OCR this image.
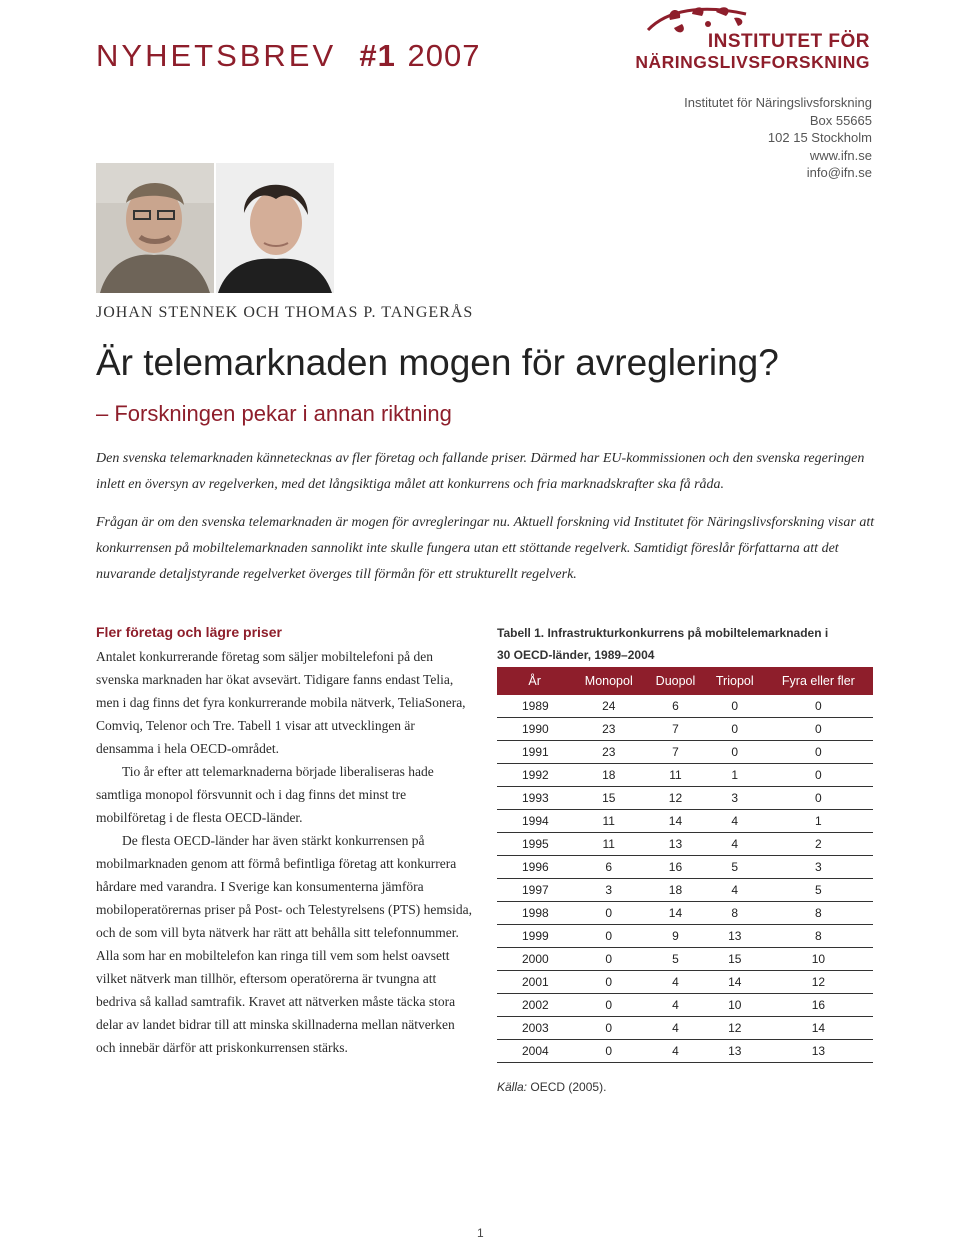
NYHETSBREV #1 2007	INSTITUTET FÖR
NÄRINGSLIVSFORSKNING
Institutet för Näringslivsforskning
Box 55665
102 15 Stockholm
www.ifn.se
info@ifn.se
JOHAN STENNEK OCH THOMAS P. TANGERÅS
Är telemarknaden mogen för avreglering?
– Forskningen pekar i annan riktning
Den svenska telemarknaden kännetecknas av fler företag och fallande priser. Därmed har EU-kommissionen och den svenska regeringen inlett en översyn av regelverken, med det långsiktiga målet att konkurrens och fria marknadskrafter ska få råda.
Frågan är om den svenska telemarknaden är mogen för avregleringar nu. Aktuell forskning vid Institutet för Näringslivsforskning visar att konkurrensen på mobiltelemarknaden sannolikt inte skulle fungera utan ett stöttande regelverk. Samtidigt föreslår författarna att det nuvarande detaljstyrande regelverket överges till förmån för ett strukturellt regelverk.
Fler företag och lägre priser

Antalet konkurrerande företag som säljer mobiltelefoni på den svenska marknaden har ökat avsevärt. Tidigare fanns endast Telia, men i dag finns det fyra konkurrerande mobila nätverk, TeliaSonera, Comviq, Telenor och Tre. Tabell 1 visar att utvecklingen är densamma i hela OECD-området.

Tio år efter att telemarknaderna började liberaliseras hade samtliga monopol försvunnit och i dag finns det minst tre mobilföretag i de flesta OECD-länder.

De flesta OECD-länder har även stärkt konkurrensen på mobilmarknaden genom att förmå befintliga företag att konkurrera hårdare med varandra. I Sverige kan konsumenterna jämföra mobiloperatörernas priser på Post- och Telestyrelsens (PTS) hemsida, och de som vill byta nätverk har rätt att behålla sitt telefonnummer. Alla som har en mobiltelefon kan ringa till vem som helst oavsett vilket nätverk man tillhör, eftersom operatörerna är tvungna att bedriva så kallad samtrafik. Kravet att nätverken måste täcka stora delar av landet bidrar till att minska skillnaderna mellan nätverken och innebär därför att priskonkurrensen stärks.

Tabell 1. Infrastrukturkonkurrens på mobiltelemarknaden i
30 OECD-länder, 1989–2004
År	Monopol	Duopol	Triopol	Fyra eller fler
1989	24	6	0	0
1990	23	7	0	0
1991	23	7	0	0
1992	18	11	1	0
1993	15	12	3	0
1994	11	14	4	1
1995	11	13	4	2
1996	6	16	5	3
1997	3	18	4	5
1998	0	14	8	8
1999	0	9	13	8
2000	0	5	15	10
2001	0	4	14	12
2002	0	4	10	16
2003	0	4	12	14
2004	0	4	13	13
Källa: OECD (2005).
1
